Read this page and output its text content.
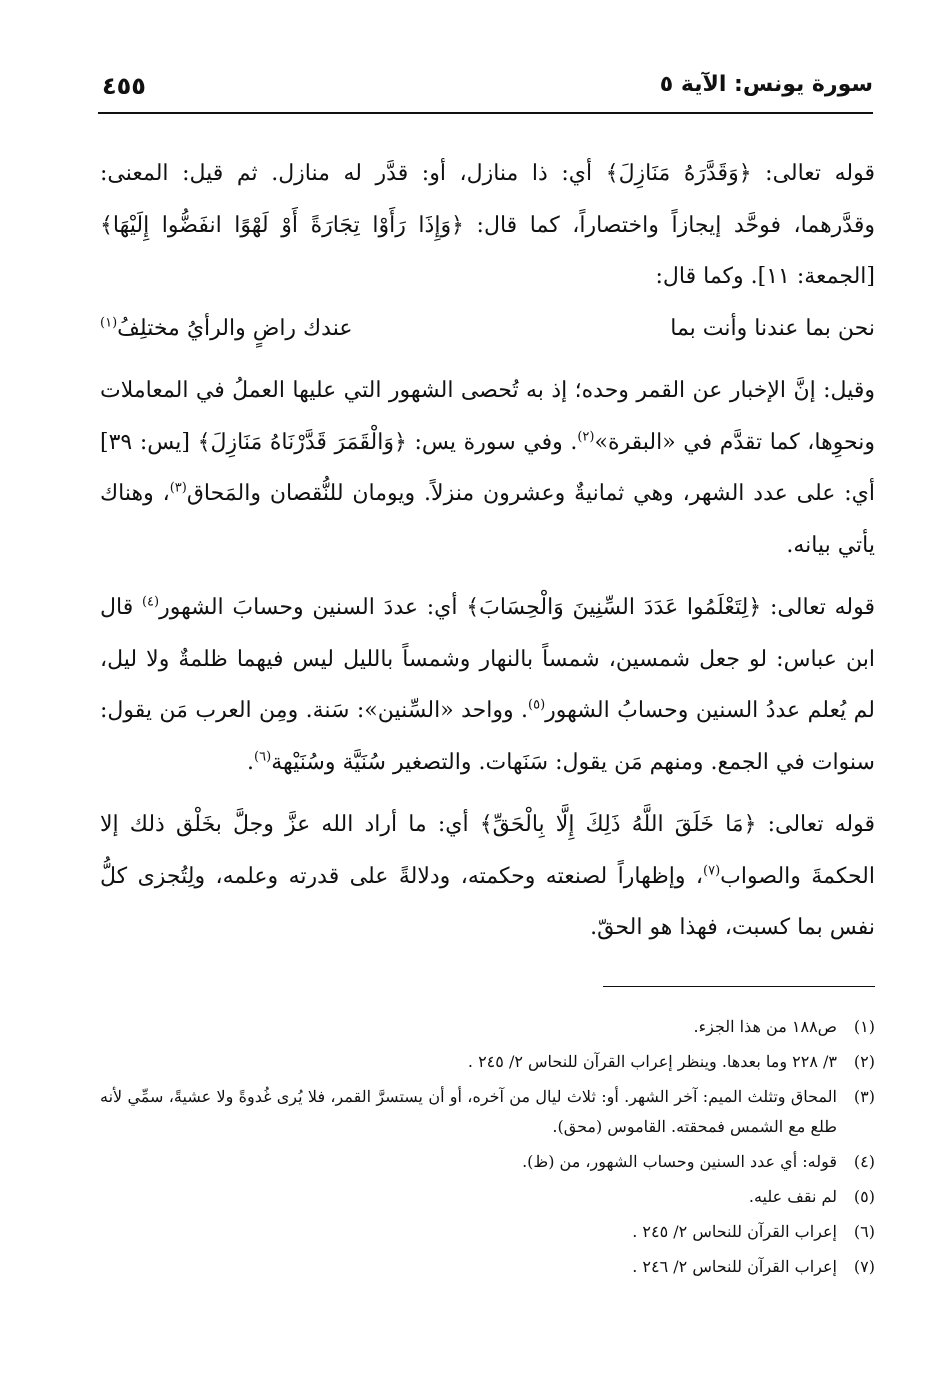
سورة يونس: الآية ٥
٤٥٥

قوله تعالى: ﴿وَقَدَّرَهُ مَنَازِلَ﴾ أي: ذا منازل، أو: قدَّر له منازل. ثم قيل: المعنى: وقدَّرهما، فوحَّد إيجازاً واختصاراً، كما قال: ﴿وَإِذَا رَأَوْا تِجَارَةً أَوْ لَهْوًا انفَضُّوا إِلَيْهَا﴾ [الجمعة: ١١]. وكما قال:

نحن بما عندنا وأنت بما
عندك راضٍ والرأيُ مختلِفُ$^{(١)}$

وقيل: إنَّ الإخبار عن القمر وحده؛ إذ به تُحصى الشهور التي عليها العملُ في المعاملات ونحوِها، كما تقدَّم في «البقرة»$^{(٢)}$. وفي سورة يس: ﴿وَالْقَمَرَ قَدَّرْنَاهُ مَنَازِلَ﴾ [يس: ٣٩] أي: على عدد الشهر، وهي ثمانيةٌ وعشرون منزلاً. ويومان للنُّقصان والمَحاق$^{(٣)}$، وهناك يأتي بيانه.

قوله تعالى: ﴿لِتَعْلَمُوا عَدَدَ السِّنِينَ وَالْحِسَابَ﴾ أي: عددَ السنين وحسابَ الشهور$^{(٤)}$ قال ابن عباس: لو جعل شمسين، شمساً بالنهار وشمساً بالليل ليس فيهما ظلمةٌ ولا ليل، لم يُعلم عددُ السنين وحسابُ الشهور$^{(٥)}$. وواحد «السِّنين»: سَنة. ومِن العرب مَن يقول: سنوات في الجمع. ومنهم مَن يقول: سَنَهات. والتصغير سُنَيَّة وسُنَيْهة$^{(٦)}$.

قوله تعالى: ﴿مَا خَلَقَ اللَّهُ ذَلِكَ إِلَّا بِالْحَقِّ﴾ أي: ما أراد الله عزَّ وجلَّ بخَلْق ذلك إلا الحكمةَ والصواب$^{(٧)}$، وإظهاراً لصنعته وحكمته، ودلالةً على قدرته وعلمه، ولِتُجزى كلُّ نفس بما كسبت، فهذا هو الحقّ.

(١)
ص١٨٨ من هذا الجزء.
(٢)
٣/ ٢٢٨ وما بعدها. وينظر إعراب القرآن للنحاس ٢/ ٢٤٥ .
(٣)
المحاق وتثلث الميم: آخر الشهر. أو: ثلاث ليال من آخره، أو أن يستسرَّ القمر، فلا يُرى غُدوةً ولا عشيةً، سمِّي لأنه طلع مع الشمس فمحقته. القاموس (محق).
(٤)
قوله: أي عدد السنين وحساب الشهور، من (ظ).
(٥)
لم نقف عليه.
(٦)
إعراب القرآن للنحاس ٢/ ٢٤٥ .
(٧)
إعراب القرآن للنحاس ٢/ ٢٤٦ .
